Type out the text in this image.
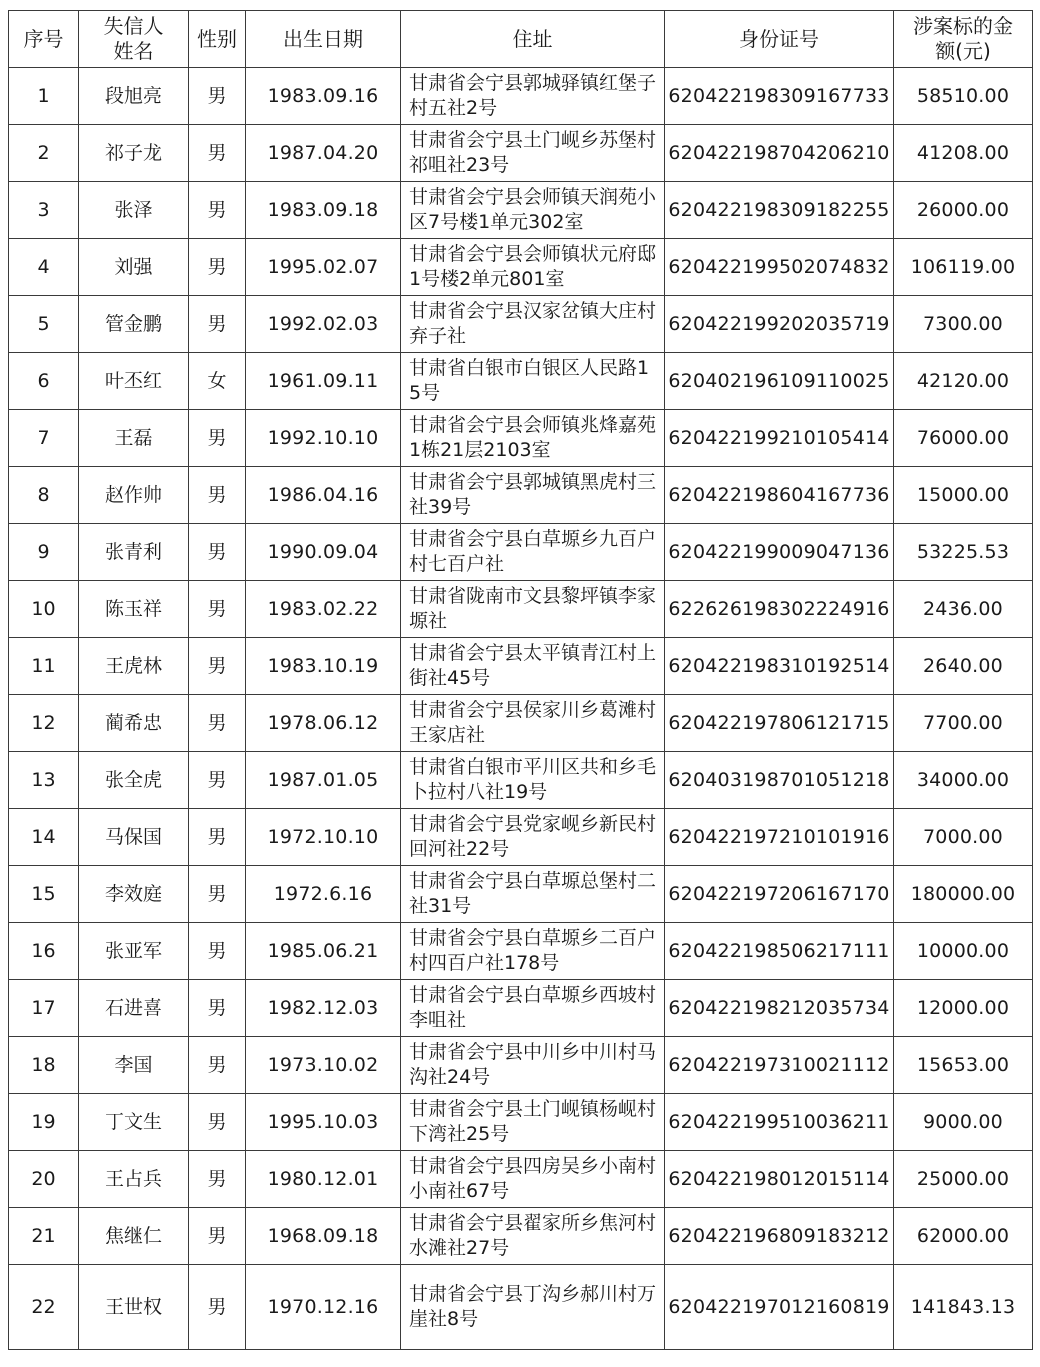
序号	失信人姓名	性别	出生日期	住址	身份证号	涉案标的金额(元)
1	段旭亮	男	1983.09.16	甘肃省会宁县郭城驿镇红堡子村五社2号	620422198309167733	58510.00
2	祁子龙	男	1987.04.20	甘肃省会宁县土门岘乡苏堡村祁咀社23号	620422198704206210	41208.00
3	张泽	男	1983.09.18	甘肃省会宁县会师镇天润苑小区7号楼1单元302室	620422198309182255	26000.00
4	刘强	男	1995.02.07	甘肃省会宁县会师镇状元府邸1号楼2单元801室	620422199502074832	106119.00
5	管金鹏	男	1992.02.03	甘肃省会宁县汉家岔镇大庄村弃子社	620422199202035719	7300.00
6	叶丕红	女	1961.09.11	甘肃省白银市白银区人民路15号	620402196109110025	42120.00
7	王磊	男	1992.10.10	甘肃省会宁县会师镇兆烽嘉苑1栋21层2103室	620422199210105414	76000.00
8	赵作帅	男	1986.04.16	甘肃省会宁县郭城镇黑虎村三社39号	620422198604167736	15000.00
9	张青利	男	1990.09.04	甘肃省会宁县白草塬乡九百户村七百户社	620422199009047136	53225.53
10	陈玉祥	男	1983.02.22	甘肃省陇南市文县黎坪镇李家塬社	622626198302224916	2436.00
11	王虎林	男	1983.10.19	甘肃省会宁县太平镇青江村上街社45号	620422198310192514	2640.00
12	蔺希忠	男	1978.06.12	甘肃省会宁县侯家川乡葛滩村王家店社	620422197806121715	7700.00
13	张全虎	男	1987.01.05	甘肃省白银市平川区共和乡毛卜拉村八社19号	620403198701051218	34000.00
14	马保国	男	1972.10.10	甘肃省会宁县党家岘乡新民村回河社22号	620422197210101916	7000.00
15	李效庭	男	1972.6.16	甘肃省会宁县白草塬总堡村二社31号	620422197206167170	180000.00
16	张亚军	男	1985.06.21	甘肃省会宁县白草塬乡二百户村四百户社178号	620422198506217111	10000.00
17	石进喜	男	1982.12.03	甘肃省会宁县白草塬乡西坡村李咀社	620422198212035734	12000.00
18	李国	男	1973.10.02	甘肃省会宁县中川乡中川村马沟社24号	620422197310021112	15653.00
19	丁文生	男	1995.10.03	甘肃省会宁县土门岘镇杨岘村下湾社25号	620422199510036211	9000.00
20	王占兵	男	1980.12.01	甘肃省会宁县四房吴乡小南村小南社67号	620422198012015114	25000.00
21	焦继仁	男	1968.09.18	甘肃省会宁县翟家所乡焦河村水滩社27号	620422196809183212	62000.00
22	王世权	男	1970.12.16	甘肃省会宁县丁沟乡郝川村万崖社8号	620422197012160819	141843.13
